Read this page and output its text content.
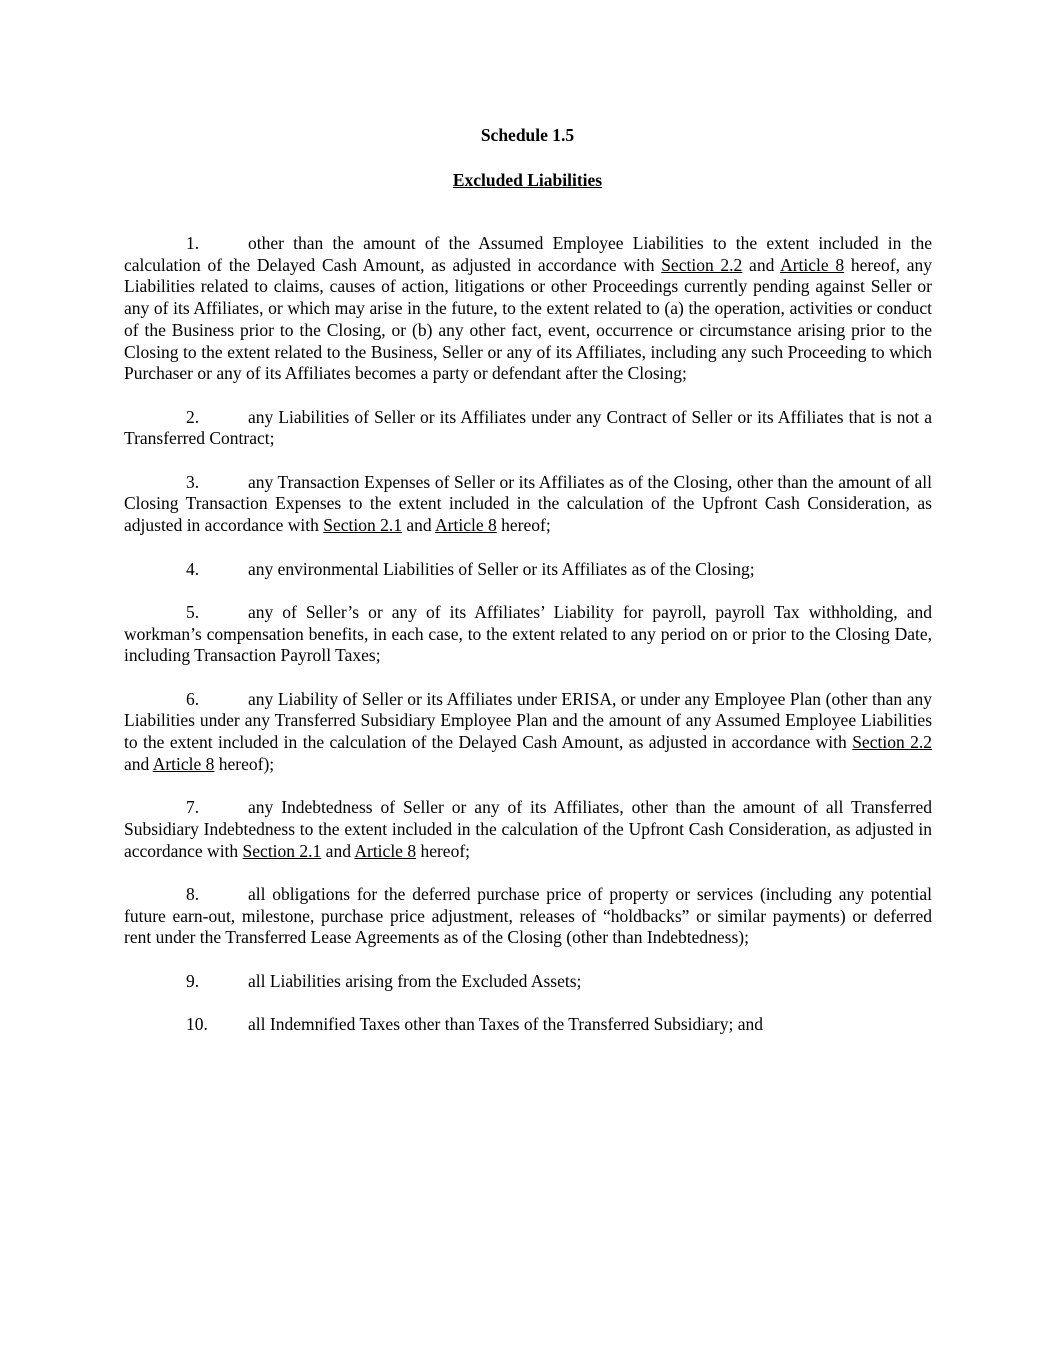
Schedule 1.5
Excluded Liabilities

1.	other than the amount of the Assumed Employee Liabilities to the extent included in the calculation of the Delayed Cash Amount, as adjusted in accordance with Section 2.2 and Article 8 hereof, any Liabilities related to claims, causes of action, litigations or other Proceedings currently pending against Seller or any of its Affiliates, or which may arise in the future, to the extent related to (a) the operation, activities or conduct of the Business prior to the Closing, or (b) any other fact, event, occurrence or circumstance arising prior to the Closing to the extent related to the Business, Seller or any of its Affiliates, including any such Proceeding to which Purchaser or any of its Affiliates becomes a party or defendant after the Closing;

2.	any Liabilities of Seller or its Affiliates under any Contract of Seller or its Affiliates that is not a Transferred Contract;

3.	any Transaction Expenses of Seller or its Affiliates as of the Closing, other than the amount of all Closing Transaction Expenses to the extent included in the calculation of the Upfront Cash Consideration, as adjusted in accordance with Section 2.1 and Article 8 hereof;

4.	any environmental Liabilities of Seller or its Affiliates as of the Closing;

5.	any of Seller’s or any of its Affiliates’ Liability for payroll, payroll Tax withholding, and workman’s compensation benefits, in each case, to the extent related to any period on or prior to the Closing Date, including Transaction Payroll Taxes;

6.	any Liability of Seller or its Affiliates under ERISA, or under any Employee Plan (other than any Liabilities under any Transferred Subsidiary Employee Plan and the amount of any Assumed Employee Liabilities to the extent included in the calculation of the Delayed Cash Amount, as adjusted in accordance with Section 2.2 and Article 8 hereof);

7.	any Indebtedness of Seller or any of its Affiliates, other than the amount of all Transferred Subsidiary Indebtedness to the extent included in the calculation of the Upfront Cash Consideration, as adjusted in accordance with Section 2.1 and Article 8 hereof;

8.	all obligations for the deferred purchase price of property or services (including any potential future earn-out, milestone, purchase price adjustment, releases of “holdbacks” or similar payments) or deferred rent under the Transferred Lease Agreements as of the Closing (other than Indebtedness);

9.	all Liabilities arising from the Excluded Assets;

10. all Indemnified Taxes other than Taxes of the Transferred Subsidiary; and
